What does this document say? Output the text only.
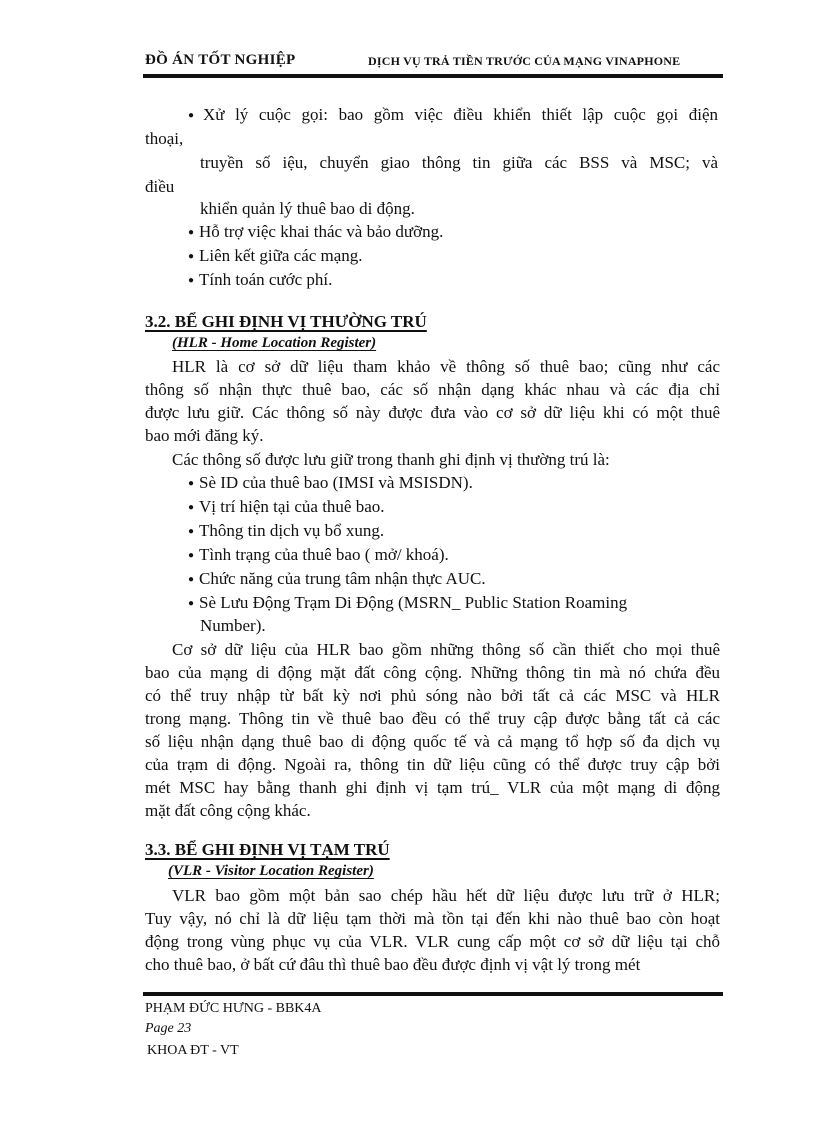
ĐỒ ÁN TỐT NGHIỆP	DỊCH VỤ TRẢ TIỀN TRƯỚC CỦA MẠNG VINAPHONE
● Xử lý cuộc gọi: bao gồm việc điều khiển thiết lập cuộc gọi điện
thoại,
truyền số iệu, chuyển giao thông tin giữa các BSS và MSC; và
điều
khiển quản lý thuê bao di động.
● Hỗ trợ việc khai thác và bảo dưỡng.
● Liên kết giữa các mạng.
● Tính toán cước phí.
3.2. BỂ GHI ĐỊNH VỊ THƯỜNG TRÚ
(HLR - Home Location Register)
HLR là cơ sở dữ liệu tham khảo về thông số thuê bao; cũng như các
thông số nhận thực thuê bao, các số nhận dạng khác nhau và các địa chỉ
được lưu giữ. Các thông số này được đưa vào cơ sở dữ liệu khi có một thuê
bao mới đăng ký.
Các thông số được lưu giữ trong thanh ghi định vị thường trú là:
● Sè ID của thuê bao (IMSI và MSISDN).
● Vị trí hiện tại của thuê bao.
● Thông tin dịch vụ bổ xung.
● Tình trạng của thuê bao ( mở/ khoá).
● Chức năng của trung tâm nhận thực AUC.
● Sè Lưu Động Trạm Di Động (MSRN_ Public Station Roaming
Number).
Cơ sở dữ liệu của HLR bao gồm những thông số cần thiết cho mọi thuê
bao của mạng di động mặt đất công cộng. Những thông tin mà nó chứa đều
có thể truy nhập từ bất kỳ nơi phủ sóng nào bởi tất cả các MSC và HLR
trong mạng. Thông tin về thuê bao đều có thể truy cập được bằng tất cả các
số liệu nhận dạng thuê bao di động quốc tế và cả mạng tổ hợp số đa dịch vụ
của trạm di động. Ngoài ra, thông tin dữ liệu cũng có thể được truy cập bởi
mét MSC hay bằng thanh ghi định vị tạm trú_ VLR của một mạng di động
mặt đất công cộng khác.
3.3. BỂ GHI ĐỊNH VỊ TẠM TRÚ
(VLR - Visitor Location Register)
VLR bao gồm một bản sao chép hầu hết dữ liệu được lưu trữ ở HLR;
Tuy vậy, nó chỉ là dữ liệu tạm thời mà tồn tại đến khi nào thuê bao còn hoạt
động trong vùng phục vụ của VLR. VLR cung cấp một cơ sở dữ liệu tại chỗ
cho thuê bao, ở bất cứ đâu thì thuê bao đều được định vị vật lý trong mét
PHẠM ĐỨC HƯNG - BBK4A
Page 23
KHOA ĐT - VT
